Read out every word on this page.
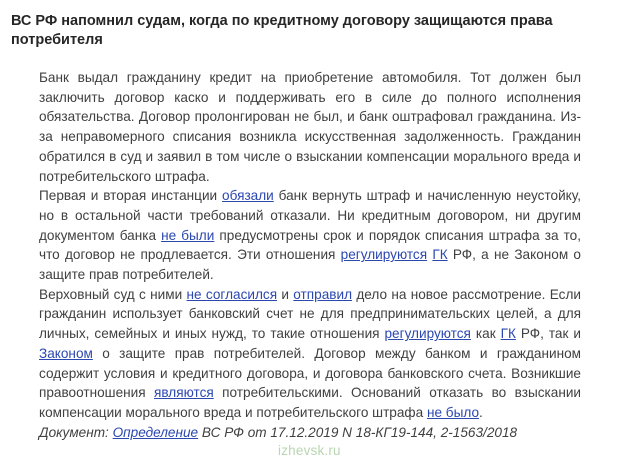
ВС РФ напомнил судам, когда по кредитному договору защищаются права потребителя

Банк выдал гражданину кредит на приобретение автомобиля. Тот должен был заключить договор каско и поддерживать его в силе до полного исполнения обязательства. Договор пролонгирован не был, и банк оштрафовал гражданина. Из-за неправомерного списания возникла искусственная задолженность. Гражданин обратился в суд и заявил в том числе о взыскании компенсации морального вреда и потребительского штрафа.

Первая и вторая инстанции обязали банк вернуть штраф и начисленную неустойку, но в остальной части требований отказали. Ни кредитным договором, ни другим документом банка не были предусмотрены срок и порядок списания штрафа за то, что договор не продлевается. Эти отношения регулируются ГК РФ, а не Законом о защите прав потребителей.

Верховный суд с ними не согласился и отправил дело на новое рассмотрение. Если гражданин использует банковский счет не для предпринимательских целей, а для личных, семейных и иных нужд, то такие отношения регулируются как ГК РФ, так и Законом о защите прав потребителей. Договор между банком и гражданином содержит условия и кредитного договора, и договора банковского счета. Возникшие правоотношения являются потребительскими. Оснований отказать во взыскании компенсации морального вреда и потребительского штрафа не было.

Документ: Определение ВС РФ от 17.12.2019 N 18-КГ19-144, 2-1563/2018

izhevsk.ru
